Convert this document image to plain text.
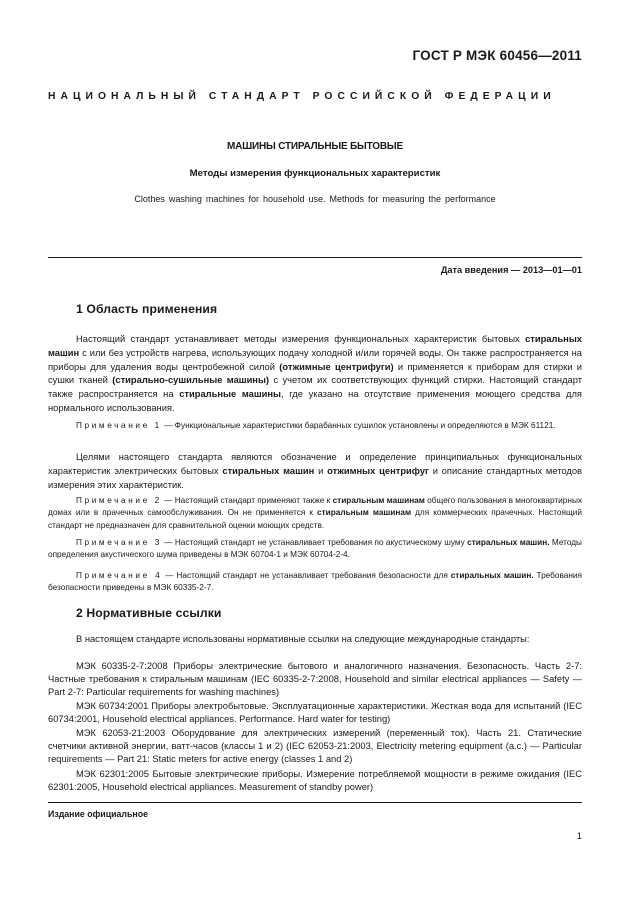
ГОСТ Р МЭК 60456—2011
НАЦИОНАЛЬНЫЙ СТАНДАРТ РОССИЙСКОЙ ФЕДЕРАЦИИ
МАШИНЫ СТИРАЛЬНЫЕ БЫТОВЫЕ
Методы измерения функциональных характеристик
Clothes washing machines for household use. Methods for measuring the performance
Дата введения — 2013—01—01
1 Область применения

Настоящий стандарт устанавливает методы измерения функциональных характеристик бытовых стиральных машин с или без устройств нагрева, использующих подачу холодной и/или горячей воды. Он также распространяется на приборы для удаления воды центробежной силой (отжимные центрифуги) и применяется к приборам для стирки и сушки тканей (стирально-сушильные машины) с учетом их соответствующих функций стирки. Настоящий стандарт также распространяется на стиральные машины, где указано на отсутствие применения моющего средства для нормального использования.

Примечание 1 — Функциональные характеристики барабанных сушилок установлены и определяются в МЭК 61121.

Целями настоящего стандарта являются обозначение и определение принципиальных функциональных характеристик электрических бытовых стиральных машин и отжимных центрифуг и описание стандартных методов измерения этих характеристик.

Примечание 2 — Настоящий стандарт применяют также к стиральным машинам общего пользования в многоквартирных домах или в прачечных самообслуживания. Он не применяется к стиральным машинам для коммерческих прачечных. Настоящий стандарт не предназначен для сравнительной оценки моющих средств.

Примечание 3 — Настоящий стандарт не устанавливает требования по акустическому шуму стиральных машин. Методы определения акустического шума приведены в МЭК 60704-1 и МЭК 60704-2-4.

Примечание 4 — Настоящий стандарт не устанавливает требования безопасности для стиральных машин. Требования безопасности приведены в МЭК 60335-2-7.

2 Нормативные ссылки

В настоящем стандарте использованы нормативные ссылки на следующие международные стандарты:

МЭК 60335-2-7:2008 Приборы электрические бытового и аналогичного назначения. Безопасность. Часть 2-7: Частные требования к стиральным машинам (IEC 60335-2-7:2008, Household and similar electrical appliances — Safety — Part 2-7: Particular requirements for washing machines)

МЭК 60734:2001 Приборы электробытовые. Эксплуатационные характеристики. Жесткая вода для испытаний (IEC 60734:2001, Household electrical appliances. Performance. Hard water for testing)

МЭК 62053-21:2003 Оборудование для электрических измерений (переменный ток). Часть 21. Статические счетчики активной энергии, ватт-часов (классы 1 и 2) (IEC 62053-21:2003, Electricity metering equipment (a.c.) — Particular requirements — Part 21: Static meters for active energy (classes 1 and 2)

МЭК 62301:2005 Бытовые электрические приборы. Измерение потребляемой мощности в режиме ожидания (IEC 62301:2005, Household electrical appliances. Measurement of standby power)

Издание официальное
1
